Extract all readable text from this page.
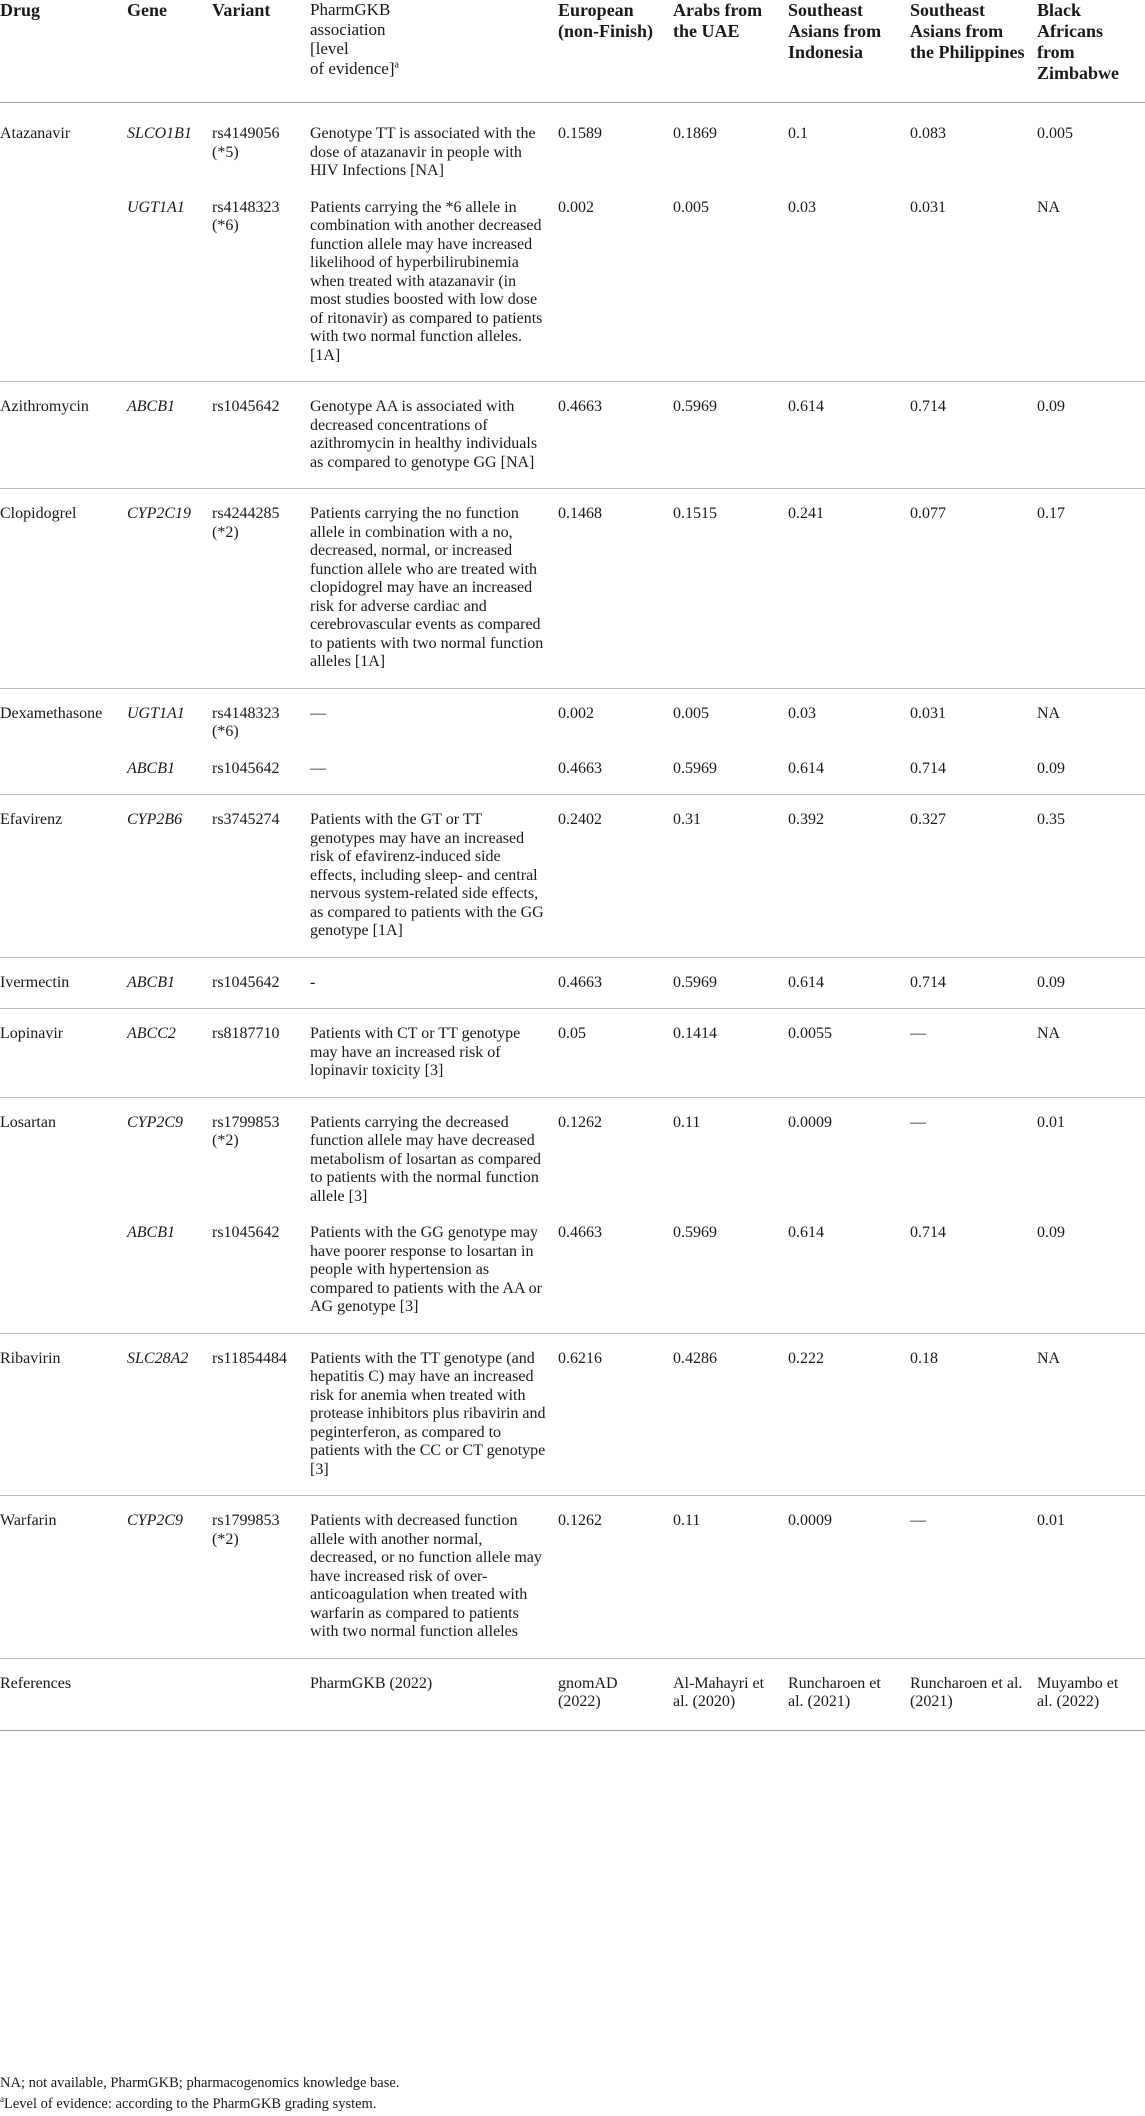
Drug	Gene	Variant	PharmGKB
association
[level
of evidence]$^a$	European (non-Finish)	Arabs from the UAE	Southeast Asians from Indonesia	Southeast Asians from the Philippines	Black Africans from Zimbabwe
Atazanavir	SLCO1B1	rs4149056 (*5)	Genotype TT is associated with the dose of atazanavir in people with HIV Infections [NA]	0.1589	0.1869	0.1	0.083	0.005
	UGT1A1	rs4148323 (*6)	Patients carrying the *6 allele in combination with another decreased function allele may have increased likelihood of hyperbilirubinemia when treated with atazanavir (in most studies boosted with low dose of ritonavir) as compared to patients with two normal function alleles. [1A]	0.002	0.005	0.03	0.031	NA
Azithromycin	ABCB1	rs1045642	Genotype AA is associated with decreased concentrations of azithromycin in healthy individuals as compared to genotype GG [NA]	0.4663	0.5969	0.614	0.714	0.09
Clopidogrel	CYP2C19	rs4244285 (*2)	Patients carrying the no function allele in combination with a no, decreased, normal, or increased function allele who are treated with clopidogrel may have an increased risk for adverse cardiac and cerebrovascular events as compared to patients with two normal function alleles [1A]	0.1468	0.1515	0.241	0.077	0.17
Dexamethasone	UGT1A1	rs4148323 (*6)	—	0.002	0.005	0.03	0.031	NA
	ABCB1	rs1045642	—	0.4663	0.5969	0.614	0.714	0.09
Efavirenz	CYP2B6	rs3745274	Patients with the GT or TT genotypes may have an increased risk of efavirenz-induced side effects, including sleep- and central nervous system-related side effects, as compared to patients with the GG genotype [1A]	0.2402	0.31	0.392	0.327	0.35
Ivermectin	ABCB1	rs1045642	-	0.4663	0.5969	0.614	0.714	0.09
Lopinavir	ABCC2	rs8187710	Patients with CT or TT genotype may have an increased risk of lopinavir toxicity [3]	0.05	0.1414	0.0055	—	NA
Losartan	CYP2C9	rs1799853 (*2)	Patients carrying the decreased function allele may have decreased metabolism of losartan as compared to patients with the normal function allele [3]	0.1262	0.11	0.0009	—	0.01
	ABCB1	rs1045642	Patients with the GG genotype may have poorer response to losartan in people with hypertension as compared to patients with the AA or AG genotype [3]	0.4663	0.5969	0.614	0.714	0.09
Ribavirin	SLC28A2	rs11854484	Patients with the TT genotype (and hepatitis C) may have an increased risk for anemia when treated with protease inhibitors plus ribavirin and peginterferon, as compared to patients with the CC or CT genotype [3]	0.6216	0.4286	0.222	0.18	NA
Warfarin	CYP2C9	rs1799853 (*2)	Patients with decreased function allele with another normal, decreased, or no function allele may have increased risk of over-anticoagulation when treated with warfarin as compared to patients with two normal function alleles	0.1262	0.11	0.0009	—	0.01
References			PharmGKB (2022)	gnomAD (2022)	Al-Mahayri et al. (2020)	Runcharoen et al. (2021)	Runcharoen et al. (2021)	Muyambo et al. (2022)
NA; not available, PharmGKB; pharmacogenomics knowledge base.
$^a$Level of evidence: according to the PharmGKB grading system.
